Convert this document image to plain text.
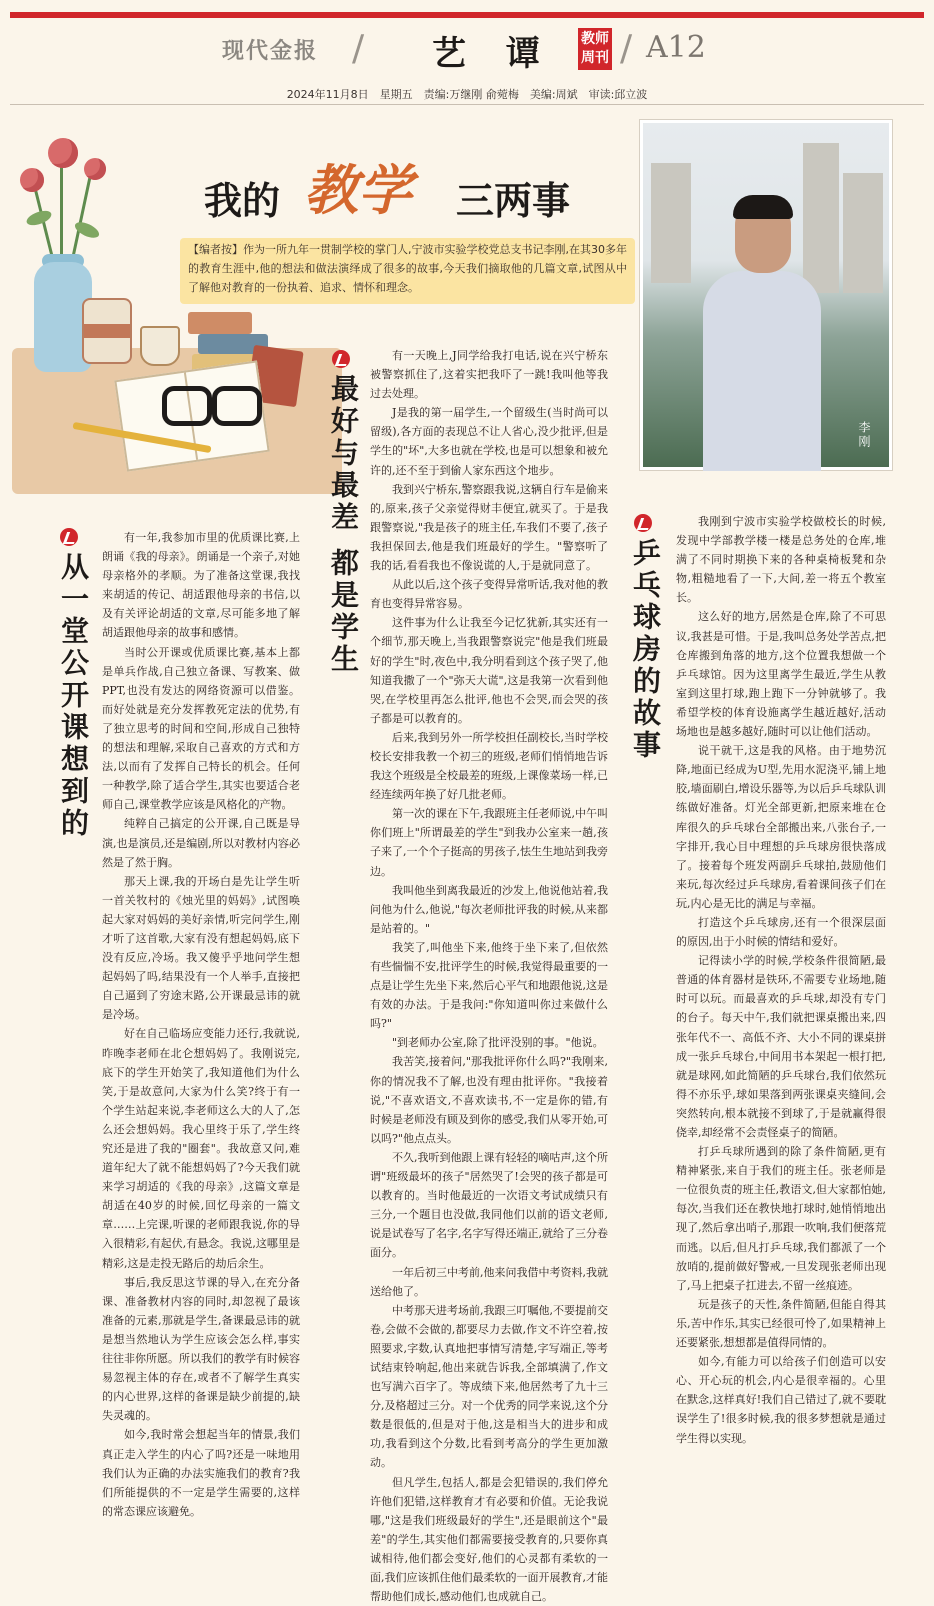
现代金报 / 艺 谭 教师周刊 / A12
2024年11月8日　星期五　责编:万继刚 俞菀梅　美编:周斌　审读:邱立波
我的 教学 三两事
【编者按】作为一所九年一贯制学校的掌门人,宁波市实验学校党总支书记李刚,在其30多年的教育生涯中,他的想法和做法演绎成了很多的故事,今天我们摘取他的几篇文章,试图从中了解他对教育的一份执着、追求、情怀和理念。
李刚
从一堂公开课想到的

有一年,我参加市里的优质课比赛,上朗诵《我的母亲》。朗诵是一个亲子,对她母亲格外的孝顺。为了准备这堂课,我找来胡适的传记、胡适跟他母亲的书信,以及有关评论胡适的文章,尽可能多地了解胡适跟他母亲的故事和感情。

当时公开课或优质课比赛,基本上都是单兵作战,自己独立备课、写教案、做PPT,也没有发达的网络资源可以借鉴。而好处就是充分发挥教死定法的优势,有了独立思考的时间和空间,形成自己独特的想法和理解,采取自己喜欢的方式和方法,以而有了发挥自己特长的机会。任何一种教学,除了适合学生,其实也要适合老师自己,课堂教学应该是风格化的产物。

纯粹自己搞定的公开课,自己既是导演,也是演员,还是编剧,所以对教材内容必然是了然于胸。

那天上课,我的开场白是先让学生听一首关牧村的《烛光里的妈妈》,试图唤起大家对妈妈的美好亲情,听完问学生,刚才听了这首歌,大家有没有想起妈妈,底下没有反应,冷场。我又傻乎乎地问学生想起妈妈了吗,结果没有一个人举手,直接把自己逼到了穷途末路,公开课最忌讳的就是冷场。

好在自己临场应变能力还行,我就说,昨晚李老师在北仑想妈妈了。我刚说完,底下的学生开始笑了,我知道他们为什么笑,于是故意问,大家为什么笑?终于有一个学生站起来说,李老师这么大的人了,怎么还会想妈妈。我心里终于乐了,学生终究还是进了我的"圈套"。我故意又问,难道年纪大了就不能想妈妈了?今天我们就来学习胡适的《我的母亲》,这篇文章是胡适在40岁的时候,回忆母亲的一篇文章……上完课,听课的老师跟我说,你的导入很精彩,有起伏,有悬念。我说,这哪里是精彩,这是走投无路后的劫后余生。

事后,我反思这节课的导入,在充分备课、准备教材内容的同时,却忽视了最该准备的元素,那就是学生,备课最忌讳的就是想当然地认为学生应该会怎么样,事实往往非你所愿。所以我们的教学有时候容易忽视主体的存在,或者不了解学生真实的内心世界,这样的备课是缺少前提的,缺失灵魂的。

如今,我时常会想起当年的情景,我们真正走入学生的内心了吗?还是一味地用我们认为正确的办法实施我们的教育?我们所能提供的不一定是学生需要的,这样的常态课应该避免。

最好与最差 都是学生

有一天晚上,J同学给我打电话,说在兴宁桥东被警察抓住了,这着实把我吓了一跳!我叫他等我过去处理。

J是我的第一届学生,一个留级生(当时尚可以留级),各方面的表现总不让人省心,没少批评,但是学生的"坏",大多也就在学校,也是可以想象和被允许的,还不至于到偷人家东西这个地步。

我到兴宁桥东,警察跟我说,这辆自行车是偷来的,原来,孩子父亲觉得财丰便宜,就买了。于是我跟警察说,"我是孩子的班主任,车我们不要了,孩子我担保回去,他是我们班最好的学生。"警察听了我的话,看看我也不像说谎的人,于是就同意了。

从此以后,这个孩子变得异常听话,我对他的教育也变得异常容易。

这件事为什么让我至今记忆犹新,其实还有一个细节,那天晚上,当我跟警察说完"他是我们班最好的学生"时,夜色中,我分明看到这个孩子哭了,他知道我撒了一个"弥天大谎",这是我第一次看到他哭,在学校里再怎么批评,他也不会哭,而会哭的孩子都是可以教育的。

后来,我到另外一所学校担任副校长,当时学校校长安排我教一个初三的班级,老师们悄悄地告诉我这个班级是全校最差的班级,上课像菜场一样,已经连续两年换了好几批老师。

第一次的课在下午,我跟班主任老师说,中午叫你们班上"所谓最差的学生"到我办公室来一趟,孩子来了,一个个子挺高的男孩子,怯生生地站到我旁边。

我叫他坐到离我最近的沙发上,他说他站着,我问他为什么,他说,"每次老师批评我的时候,从来都是站着的。"

我笑了,叫他坐下来,他终于坐下来了,但依然有些惴惴不安,批评学生的时候,我觉得最重要的一点是让学生先坐下来,然后心平气和地跟他说,这是有效的办法。于是我问:"你知道叫你过来做什么吗?"

"到老师办公室,除了批评没别的事。"他说。

我苦笑,接着问,"那我批评你什么吗?"我刚来,你的情况我不了解,也没有理由批评你。"我接着说,"不喜欢语文,不喜欢读书,不一定是你的错,有时候是老师没有顾及到你的感受,我们从零开始,可以吗?"他点点头。

不久,我听到他跟上课有轻轻的嘀咕声,这个所谓"班级最坏的孩子"居然哭了!会哭的孩子都是可以教育的。当时他最近的一次语文考试成绩只有三分,一个题目也没做,我同他们以前的语文老师,说是试卷写了名字,名字写得还端正,就给了三分卷面分。

一年后初三中考前,他来问我借中考资料,我就送给他了。

中考那天进考场前,我跟三叮嘱他,不要提前交卷,会做不会做的,都要尽力去做,作文不许空着,按照要求,字数,认真地把事情写清楚,字写端正,等考试结束铃响起,他出来就告诉我,全部填满了,作文也写满六百字了。等成绩下来,他居然考了九十三分,及格超过三分。对一个优秀的同学来说,这个分数是很低的,但是对于他,这是相当大的进步和成功,我看到这个分数,比看到考高分的学生更加激动。

但凡学生,包括人,都是会犯错误的,我们停允许他们犯错,这样教育才有必要和价值。无论我说哪,"这是我们班级最好的学生",还是眼前这个"最差"的学生,其实他们都需要接受教育的,只要你真诚相待,他们都会变好,他们的心灵都有柔软的一面,我们应该抓住他们最柔软的一面开展教育,才能帮助他们成长,感动他们,也成就自己。

乒乓球房的故事

我刚到宁波市实验学校做校长的时候,发现中学部教学楼一楼是总务处的仓库,堆满了不同时期换下来的各种桌椅板凳和杂物,粗糙地看了一下,大间,差一将五个教室长。

这么好的地方,居然是仓库,除了不可思议,我甚是可惜。于是,我叫总务处学苦点,把仓库搬到角落的地方,这个位置我想做一个乒乓球馆。因为这里离学生最近,学生从教室到这里打球,跑上跑下一分钟就够了。我希望学校的体育设施离学生越近越好,活动场地也是越多越好,随时可以让他们活动。

说干就干,这是我的风格。由于地势沉降,地面已经成为U型,先用水泥浇平,铺上地胶,墙面刷白,增设乐器等,为以后乒乓球队训练做好准备。灯光全部更新,把原来堆在仓库很久的乒乓球台全部搬出来,八张台子,一字排开,我心目中理想的乒乓球房很快落成了。接着每个班发两副乒乓球拍,鼓励他们来玩,每次经过乒乓球房,看着课间孩子们在玩,内心是无比的满足与幸福。

打造这个乒乓球房,还有一个很深层面的原因,出于小时候的情结和爱好。

记得读小学的时候,学校条件很简陋,最普通的体育器材是铁环,不需要专业场地,随时可以玩。而最喜欢的乒乓球,却没有专门的台子。每天中午,我们就把课桌搬出来,四张年代不一、高低不齐、大小不同的课桌拼成一张乒乓球台,中间用书本架起一根打把,就是球网,如此简陋的乒乓球台,我们依然玩得不亦乐乎,球如果落到两张课桌夹缝间,会突然转向,根本就接不到球了,于是就赢得很侥幸,却经常不会责怪桌子的简陋。

打乒乓球所遇到的除了条件简陋,更有精神紧张,来自于我们的班主任。张老师是一位很负责的班主任,教语文,但大家都怕她,每次,当我们还在教快地打球时,她悄悄地出现了,然后拿出哨子,那跟一吹响,我们便落荒而逃。以后,但凡打乒乓球,我们都派了一个放哨的,提前做好警戒,一旦发现张老师出现了,马上把桌子扛进去,不留一丝痕迹。

玩是孩子的天性,条件简陋,但能自得其乐,苦中作乐,其实已经很可怜了,如果精神上还要紧张,想想都是值得同情的。

如今,有能力可以给孩子们创造可以安心、开心玩的机会,内心是很幸福的。心里在默念,这样真好!我们自己错过了,就不要耽误学生了!很多时候,我的很多梦想就是通过学生得以实现。
